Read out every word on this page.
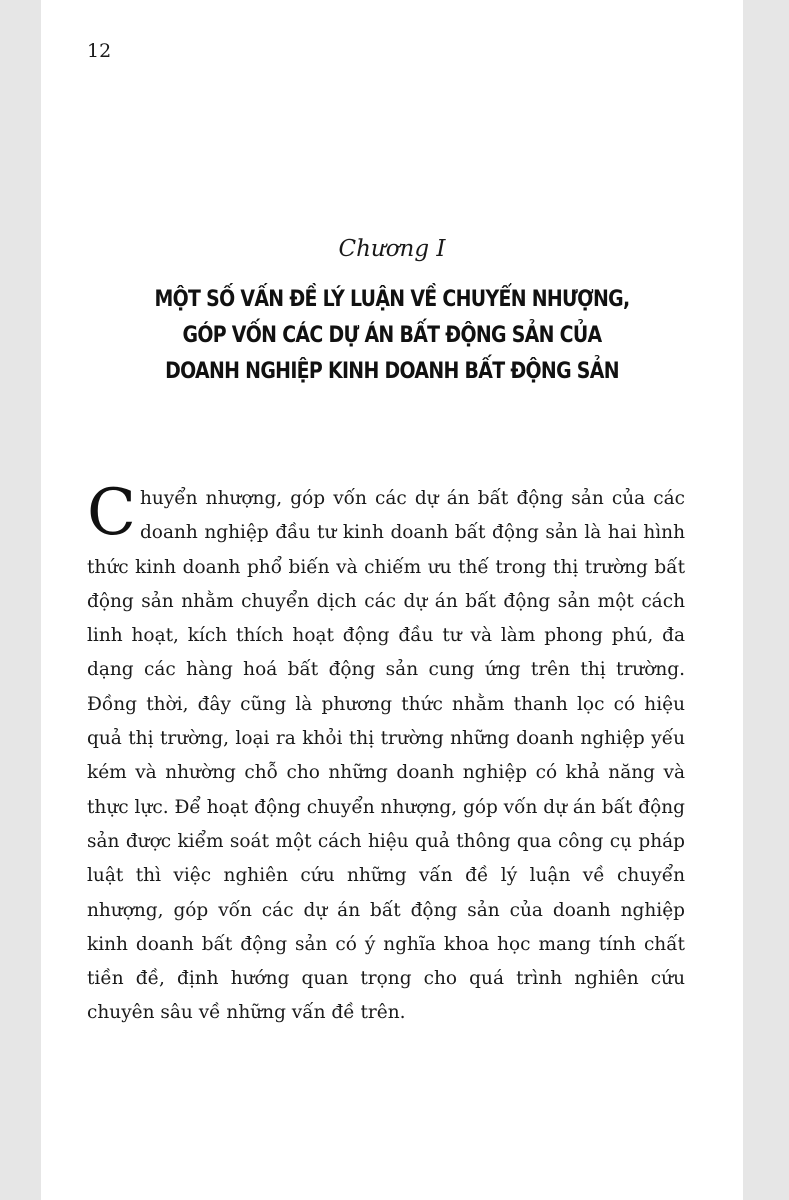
12

Chương I

MỘT SỐ VẤN ĐỀ LÝ LUẬN VỀ CHUYỂN NHƯỢNG,
GÓP VỐN CÁC DỰ ÁN BẤT ĐỘNG SẢN CỦA
DOANH NGHIỆP KINH DOANH BẤT ĐỘNG SẢN

Chuyển nhượng, góp vốn các dự án bất động sản của các doanh nghiệp đầu tư kinh doanh bất động sản là hai hình thức kinh doanh phổ biến và chiếm ưu thế trong thị trường bất động sản nhằm chuyển dịch các dự án bất động sản một cách linh hoạt, kích thích hoạt động đầu tư và làm phong phú, đa dạng các hàng hoá bất động sản cung ứng trên thị trường. Đồng thời, đây cũng là phương thức nhằm thanh lọc có hiệu quả thị trường, loại ra khỏi thị trường những doanh nghiệp yếu kém và nhường chỗ cho những doanh nghiệp có khả năng và thực lực. Để hoạt động chuyển nhượng, góp vốn dự án bất động sản được kiểm soát một cách hiệu quả thông qua công cụ pháp luật thì việc nghiên cứu những vấn đề lý luận về chuyển nhượng, góp vốn các dự án bất động sản của doanh nghiệp kinh doanh bất động sản có ý nghĩa khoa học mang tính chất tiền đề, định hướng quan trọng cho quá trình nghiên cứu chuyên sâu về những vấn đề trên.
